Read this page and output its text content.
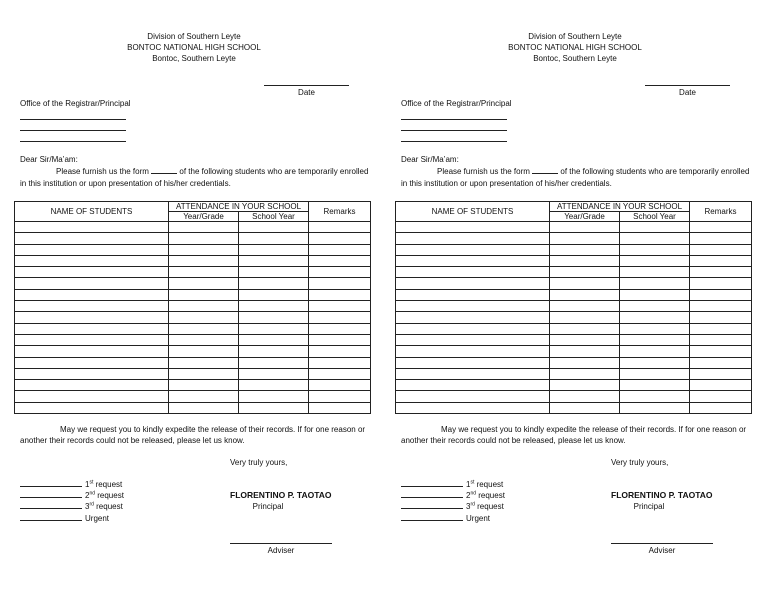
Division of Southern Leyte
BONTOC NATIONAL HIGH SCHOOL
Bontoc, Southern Leyte
Date
Office of the Registrar/Principal
Dear Sir/Ma’am:
Please furnish us the form	of the following students who are temporarily enrolled in this institution or upon presentation of his/her credentials.
NAME OF STUDENTS	ATTENDANCE IN YOUR SCHOOL		Remarks
	Year/Grade	School Year	

May we request you to kindly expedite the release of their records. If for one reason or another their records could not be released, please let us know.
Very truly yours,
1st request
2nd request
3rd request
Urgent
FLORENTINO P. TAOTAO
Principal
Adviser
Division of Southern Leyte
BONTOC NATIONAL HIGH SCHOOL
Bontoc, Southern Leyte
Date
Office of the Registrar/Principal
Dear Sir/Ma’am:
Please furnish us the form	of the following students who are temporarily enrolled in this institution or upon presentation of his/her credentials.
NAME OF STUDENTS	ATTENDANCE IN YOUR SCHOOL		Remarks
	Year/Grade	School Year	

May we request you to kindly expedite the release of their records. If for one reason or another their records could not be released, please let us know.
Very truly yours,
1st request
2nd request
3rd request
Urgent
FLORENTINO P. TAOTAO
Principal
Adviser
